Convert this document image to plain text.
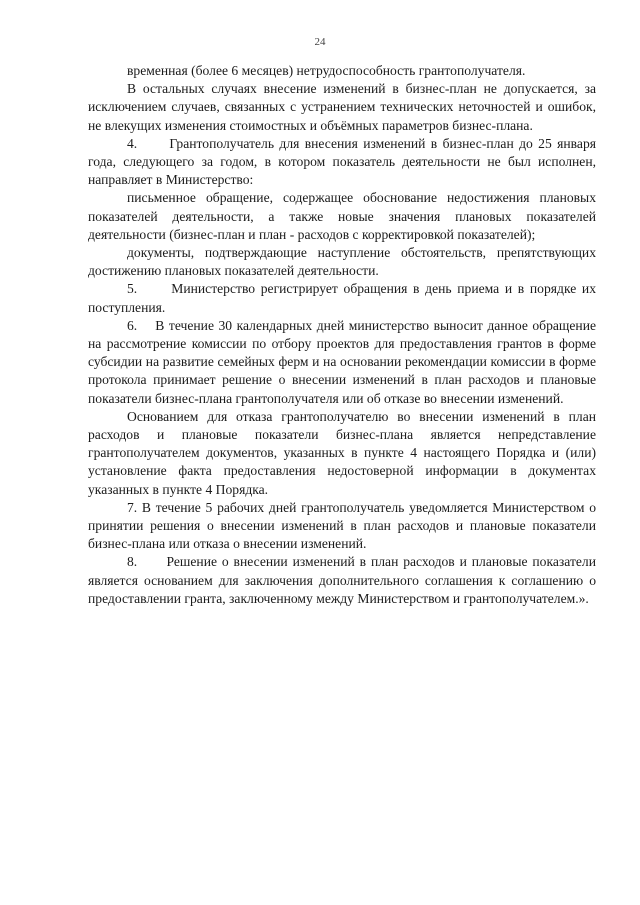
24

временная (более 6 месяцев) нетрудоспособность грантополучателя.

В остальных случаях внесение изменений в бизнес-план не допускается, за исключением случаев, связанных с устранением технических неточностей и ошибок, не влекущих изменения стоимостных и объёмных параметров бизнес-плана.

4.      Грантополучатель для внесения изменений в бизнес-план до 25 января года, следующего за годом, в котором показатель деятельности не был исполнен, направляет в Министерство:

письменное обращение, содержащее обоснование недостижения плановых показателей деятельности, а также новые значения плановых показателей деятельности (бизнес-план и план - расходов с корректировкой показателей);

документы, подтверждающие наступление обстоятельств, препятствующих достижению плановых показателей деятельности.

5.      Министерство регистрирует обращения в день приема и в порядке их поступления.

6.    В течение 30 календарных дней министерство выносит данное обращение на рассмотрение комиссии по отбору проектов для предоставления грантов в форме субсидии на развитие семейных ферм и на основании рекомендации комиссии в форме протокола принимает решение о внесении изменений в план расходов и плановые показатели бизнес-плана грантополучателя или об отказе во внесении изменений.

Основанием для отказа грантополучателю во внесении изменений в план расходов и плановые показатели бизнес-плана является непредставление грантополучателем документов, указанных в пункте 4 настоящего Порядка и (или) установление факта предоставления недостоверной информации в документах указанных в пункте 4 Порядка.

7. В течение 5 рабочих дней грантополучатель уведомляется Министерством о принятии решения о внесении изменений в план расходов и плановые показатели бизнес-плана или отказа о внесении изменений.

8.      Решение о внесении изменений в план расходов и плановые показатели является основанием для заключения дополнительного соглашения к соглашению о предоставлении гранта, заключенному между Министерством и грантополучателем.».
